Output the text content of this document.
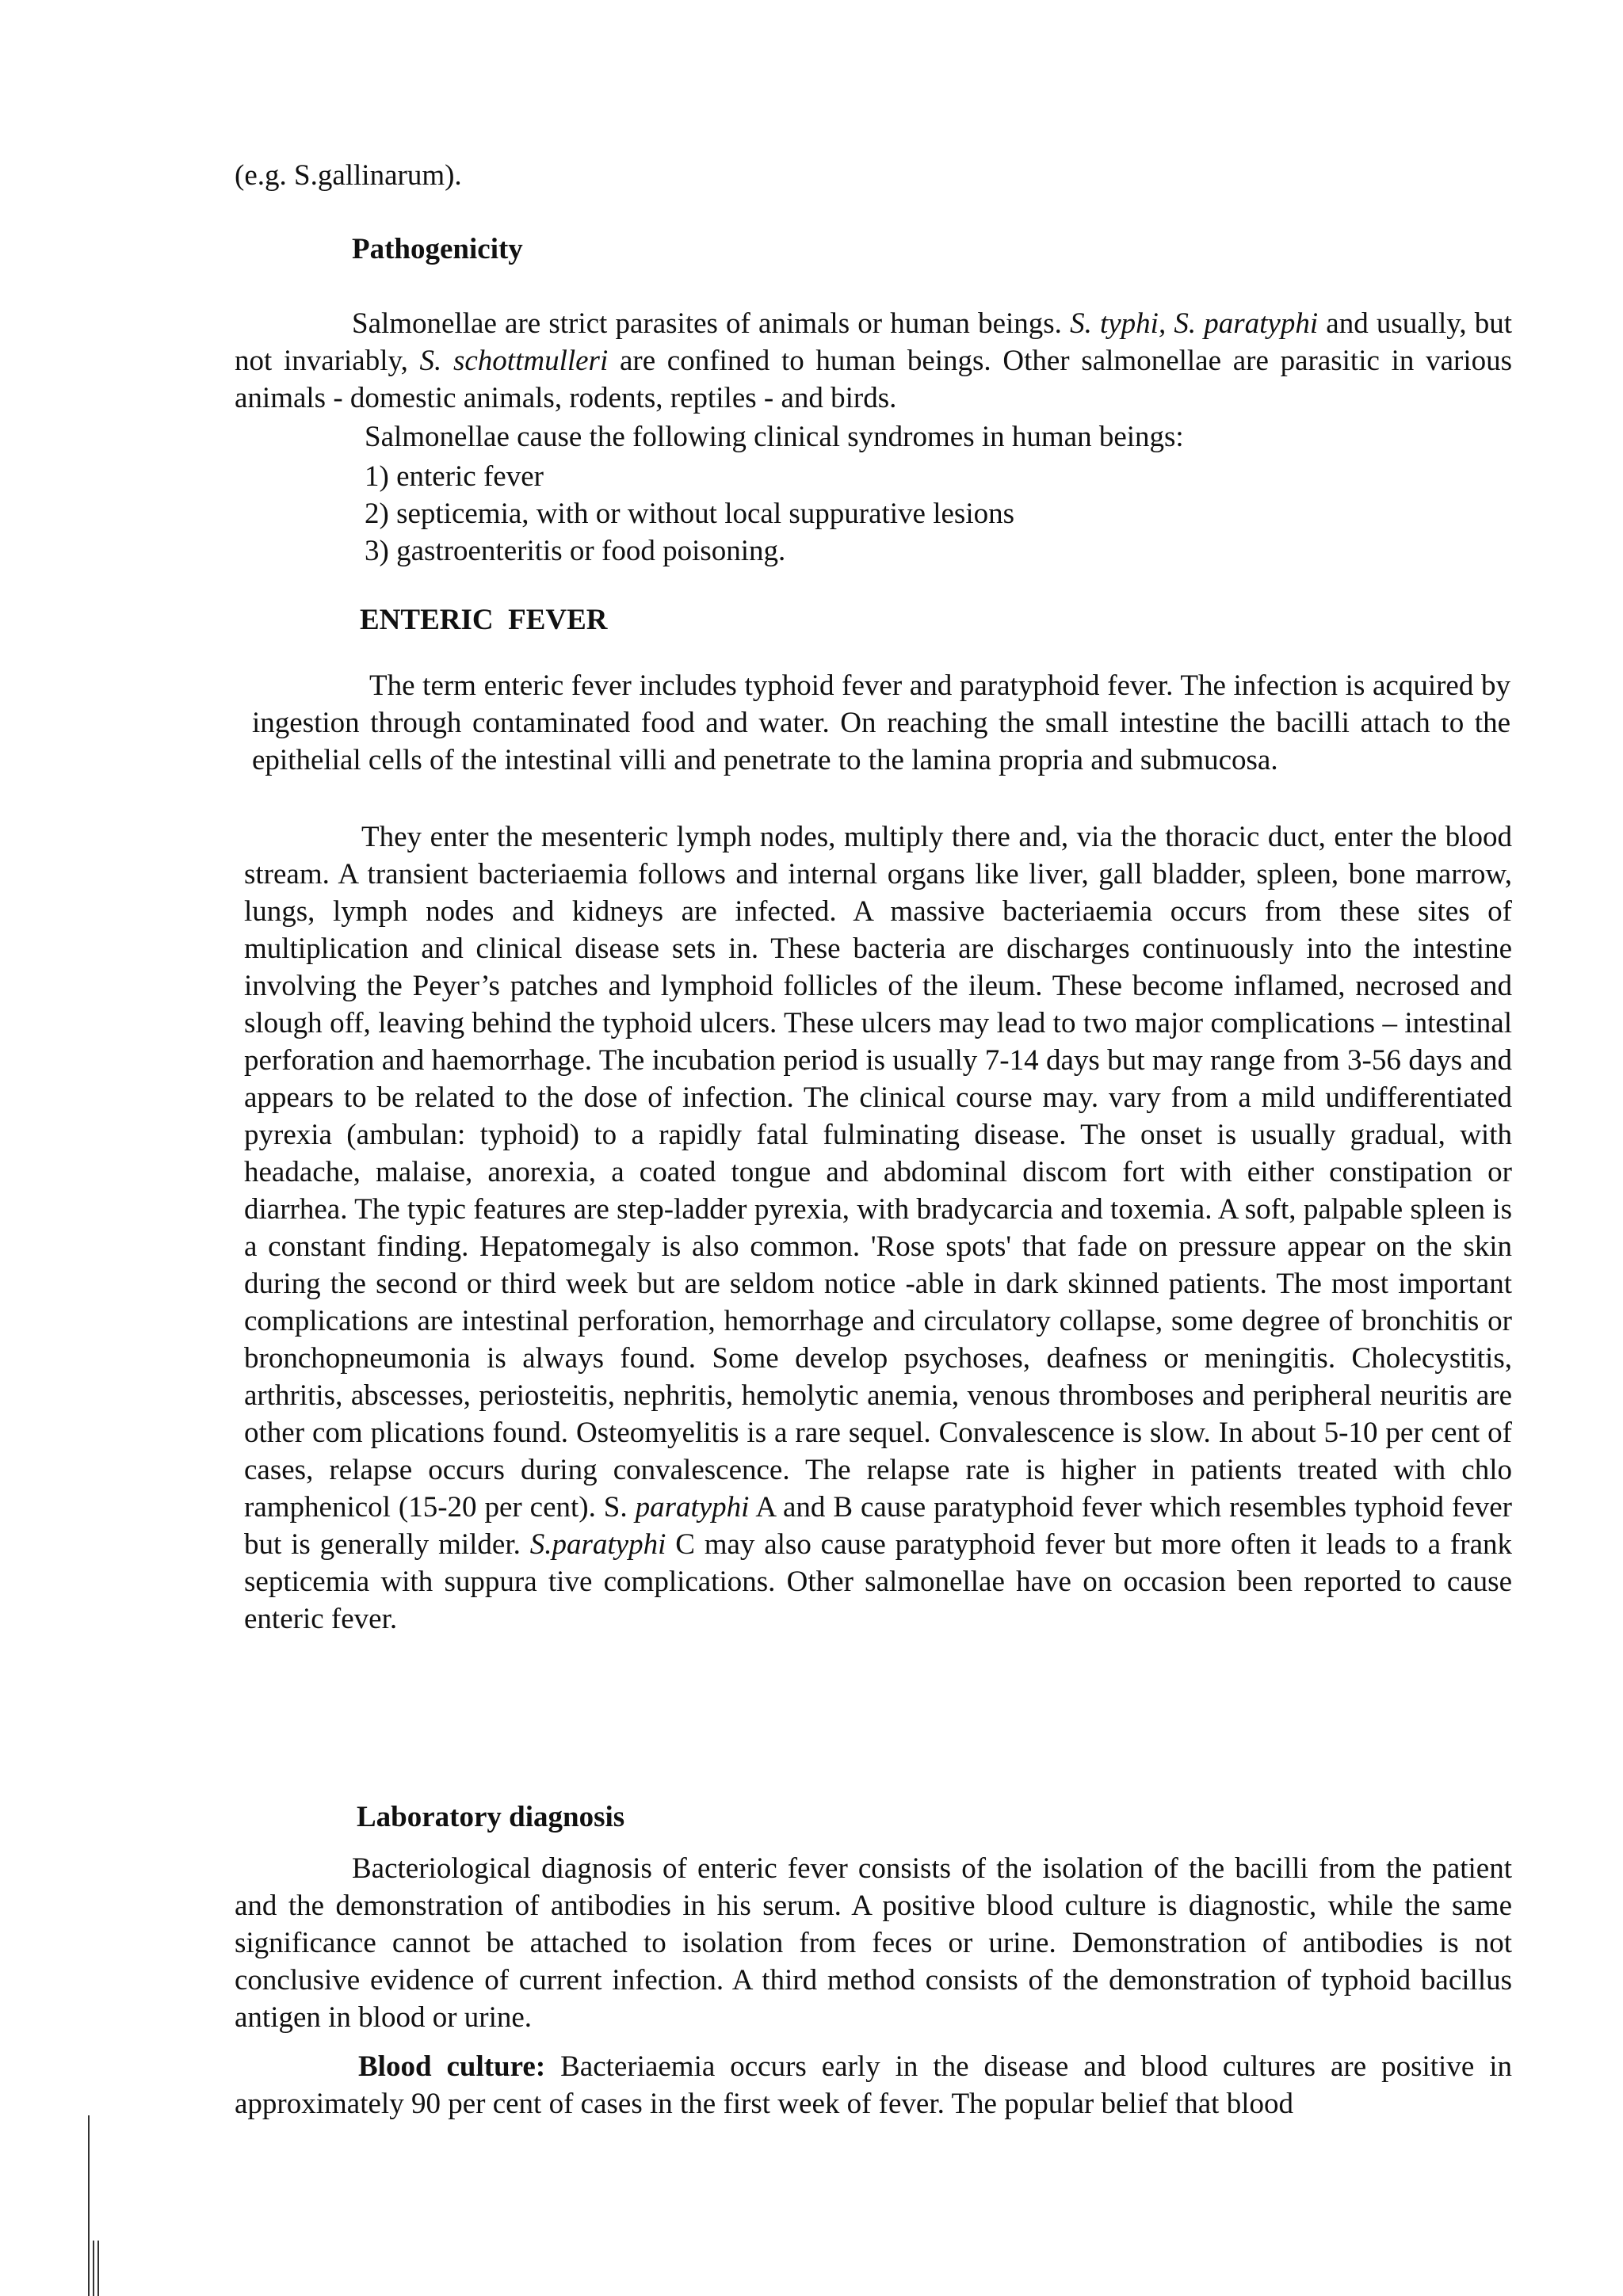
(e.g. S.gallinarum).

Pathogenicity

Salmonellae are strict parasites of animals or human beings. S. typhi, S. paratyphi and usually, but not invariably, S. schottmulleri are confined to human beings. Other salmonellae are parasitic in various animals - domestic animals, rodents, reptiles - and birds.

Salmonellae cause the following clinical syndromes in human beings:

1) enteric fever
2) septicemia, with or without local suppurative lesions
3) gastroenteritis or food poisoning.

ENTERIC  FEVER

The term enteric fever includes typhoid fever and paratyphoid fever. The infection is acquired by ingestion through contaminated food and water. On reaching the small intestine the bacilli attach to the epithelial cells of the intestinal villi and penetrate to the lamina propria and submucosa.

They enter the mesenteric lymph nodes, multiply there and, via the thoracic duct, enter the blood stream. A transient bacteriaemia follows and internal organs like liver, gall bladder, spleen, bone marrow, lungs, lymph nodes and kidneys are infected. A massive bacteriaemia occurs from these sites of multiplication and clinical disease sets in. These bacteria are discharges continuously into the intestine involving the Peyer’s patches and lymphoid follicles of the ileum. These become inflamed, necrosed and slough off, leaving behind the typhoid ulcers. These ulcers may lead to two major complications – intestinal perforation and haemorrhage. The incubation period is usually 7-14 days but may range from 3-56 days and appears to be related to the dose of infection. The clinical course may. vary from a mild undifferentiated pyrexia (ambulan: typhoid) to a rapidly fatal fulminating disease. The onset is usually gradual, with headache, malaise, anorexia, a coated tongue and abdominal discom fort with either constipation or diarrhea. The typic features are step-ladder pyrexia, with bradycarcia and toxemia. A soft, palpable spleen is a constant finding. Hepatomegaly is also common. 'Rose spots' that fade on pressure appear on the skin during the second or third week but are seldom notice -able in dark skinned patients. The most important complications are intestinal perforation, hemorrhage and circulatory collapse, some degree of bronchitis or bronchopneumonia is always found. Some develop psychoses, deafness or meningitis. Cholecystitis, arthritis, abscesses, periosteitis, nephritis, hemolytic anemia, venous thromboses and peripheral neuritis are other com plications found. Osteomyelitis is a rare sequel. Convalescence is slow. In about 5-10 per cent of cases, relapse occurs during convalescence. The relapse rate is higher in patients treated with chlo ramphenicol (15-20 per cent). S. paratyphi A and B cause paratyphoid fever which resembles typhoid fever but is generally milder. S.paratyphi C may also cause paratyphoid fever but more often it leads to a frank septicemia with suppura tive complications. Other salmonellae have on occasion been reported to cause enteric fever.

Laboratory diagnosis

Bacteriological diagnosis of enteric fever consists of the isolation of the bacilli from the patient and the demonstration of antibodies in his serum. A positive blood culture is diagnostic, while the same significance cannot be attached to isolation from feces or urine. Demonstration of antibodies is not conclusive evidence of current infection. A third method consists of the demonstration of typhoid bacillus antigen in blood or urine.

Blood culture: Bacteriaemia occurs early in the disease and blood cultures are positive in approximately 90 per cent of cases in the first week of fever. The popular belief that blood
